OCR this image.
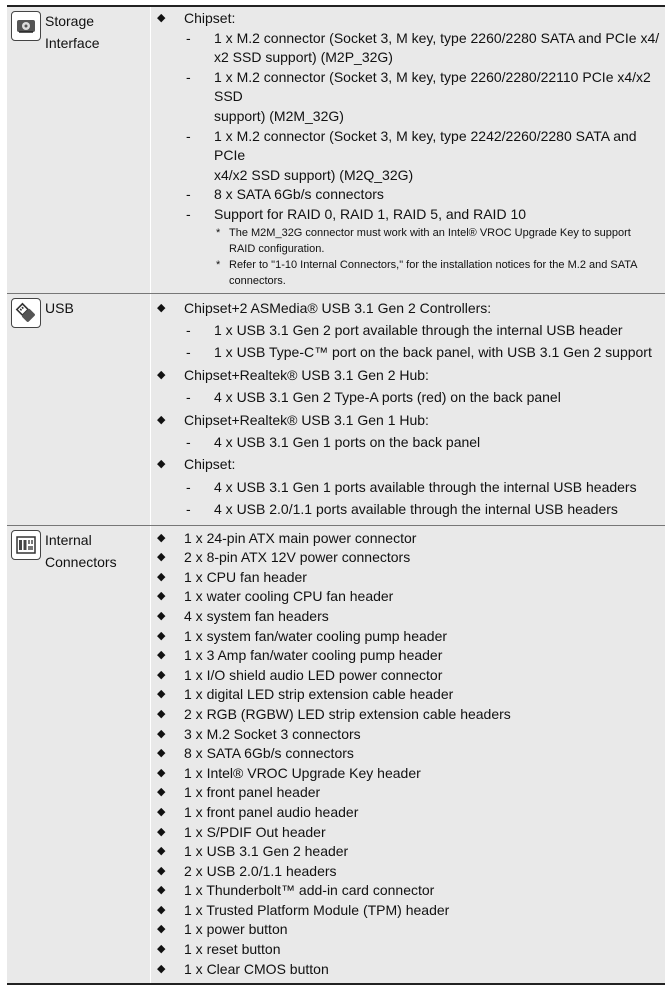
Storage Interface
◆ Chipset:
- 1 x M.2 connector (Socket 3, M key, type 2260/2280 SATA and PCIe x4/
x2 SSD support) (M2P_32G)
- 1 x M.2 connector (Socket 3, M key, type 2260/2280/22110 PCIe x4/x2 SSD
support) (M2M_32G)
- 1 x M.2 connector (Socket 3, M key, type 2242/2260/2280 SATA and PCIe
x4/x2 SSD support) (M2Q_32G)
- 8 x SATA 6Gb/s connectors
- Support for RAID 0, RAID 1, RAID 5, and RAID 10
* The M2M_32G connector must work with an Intel® VROC Upgrade Key to support
RAID configuration.
* Refer to "1-10 Internal Connectors," for the installation notices for the M.2 and SATA
connectors.
USB	◆ Chipset+2 ASMedia® USB 3.1 Gen 2 Controllers:
- 1 x USB 3.1 Gen 2 port available through the internal USB header
- 1 x USB Type-C™ port on the back panel, with USB 3.1 Gen 2 support
◆ Chipset+Realtek® USB 3.1 Gen 2 Hub:
- 4 x USB 3.1 Gen 2 Type-A ports (red) on the back panel
◆ Chipset+Realtek® USB 3.1 Gen 1 Hub:
- 4 x USB 3.1 Gen 1 ports on the back panel
◆ Chipset:
- 4 x USB 3.1 Gen 1 ports available through the internal USB headers
- 4 x USB 2.0/1.1 ports available through the internal USB headers
Internal Connectors
◆ 1 x 24-pin ATX main power connector
◆ 2 x 8-pin ATX 12V power connectors
◆ 1 x CPU fan header
◆ 1 x water cooling CPU fan header
◆ 4 x system fan headers
◆ 1 x system fan/water cooling pump header
◆ 1 x 3 Amp fan/water cooling pump header
◆ 1 x I/O shield audio LED power connector
◆ 1 x digital LED strip extension cable header
◆ 2 x RGB (RGBW) LED strip extension cable headers
◆ 3 x M.2 Socket 3 connectors
◆ 8 x SATA 6Gb/s connectors
◆ 1 x Intel® VROC Upgrade Key header
◆ 1 x front panel header
◆ 1 x front panel audio header
◆ 1 x S/PDIF Out header
◆ 1 x USB 3.1 Gen 2 header
◆ 2 x USB 2.0/1.1 headers
◆ 1 x Thunderbolt™ add-in card connector
◆ 1 x Trusted Platform Module (TPM) header
◆ 1 x power button
◆ 1 x reset button
◆ 1 x Clear CMOS button
